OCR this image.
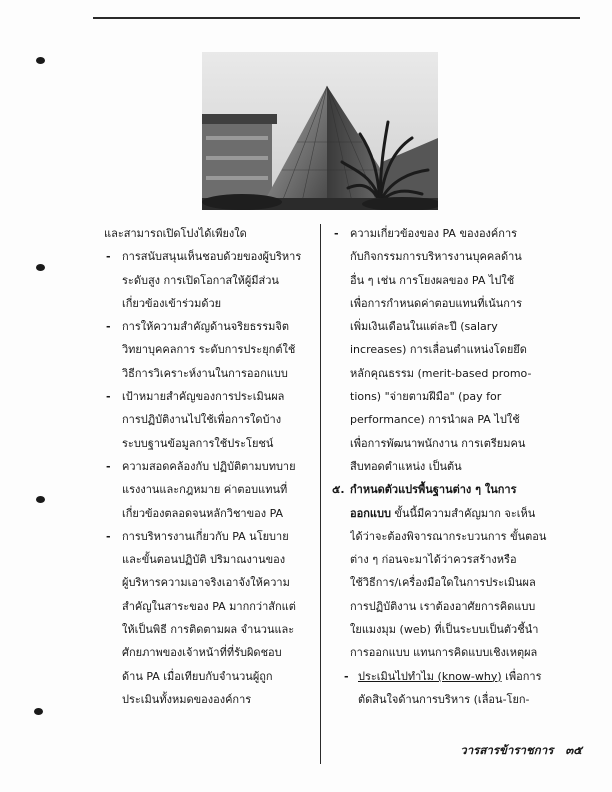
และสามารถเปิดโปงได้เพียงใด
- การสนับสนุนเห็นชอบด้วยของผู้บริหาร
ระดับสูง การเปิดโอกาสให้ผู้มีส่วน
เกี่ยวข้องเข้าร่วมด้วย
- การให้ความสำคัญด้านจริยธรรมจิต
วิทยาบุคคลการ ระดับการประยุกต์ใช้
วิธีการวิเคราะห์งานในการออกแบบ
- เป้าหมายสำคัญของการประเมินผล
การปฏิบัติงานไปใช้เพื่อการใดบ้าง
ระบบฐานข้อมูลการใช้ประโยชน์
- ความสอดคล้องกับ ปฏิบัติตามบทบาย
แรงงานและกฎหมาย ค่าตอบแทนที่
เกี่ยวข้องตลอดจนหลักวิชาของ PA
- การบริหารงานเกี่ยวกับ PA นโยบาย
และขั้นตอนปฏิบัติ ปริมาณงานของ
ผู้บริหารความเอาจริงเอาจังให้ความ
สำคัญในสาระของ PA มากกว่าสักแต่
ให้เป็นพิธี การติดตามผล จำนวนและ
ศักยภาพของเจ้าหน้าที่ที่รับผิดชอบ
ด้าน PA เมื่อเทียบกับจำนวนผู้ถูก
ประเมินทั้งหมดขององค์การ
- ความเกี่ยวข้องของ PA ขององค์การ
กับกิจกรรมการบริหารงานบุคคลด้าน
อื่น ๆ เช่น การโยงผลของ PA ไปใช้
เพื่อการกำหนดค่าตอบแทนที่เน้นการ
เพิ่มเงินเดือนในแต่ละปี (salary
increases) การเลื่อนตำแหน่งโดยยึด
หลักคุณธรรม (merit-based promo-
tions) "จ่ายตามฝีมือ" (pay for
performance) การนำผล PA ไปใช้
เพื่อการพัฒนาพนักงาน การเตรียมคน
สืบทอดตำแหน่ง เป็นต้น
๕. กำหนดตัวแปรพื้นฐานต่าง ๆ ในการ
ออกแบบ ขั้นนี้มีความสำคัญมาก จะเห็น
ได้ว่าจะต้องพิจารณากระบวนการ ขั้นตอน
ต่าง ๆ ก่อนจะมาได้ว่าควรสร้างหรือ
ใช้วิธีการ/เครื่องมือใดในการประเมินผล
การปฏิบัติงาน เราต้องอาศัยการคิดแบบ
ใยแมงมุม (web) ที่เป็นระบบเป็นตัวชี้นำ
การออกแบบ แทนการคิดแบบเชิงเหตุผล
- ประเมินไปทำไม (know-why) เพื่อการ
ตัดสินใจด้านการบริหาร (เลื่อน-โยก-
วารสารข้าราชการ ๓๕
